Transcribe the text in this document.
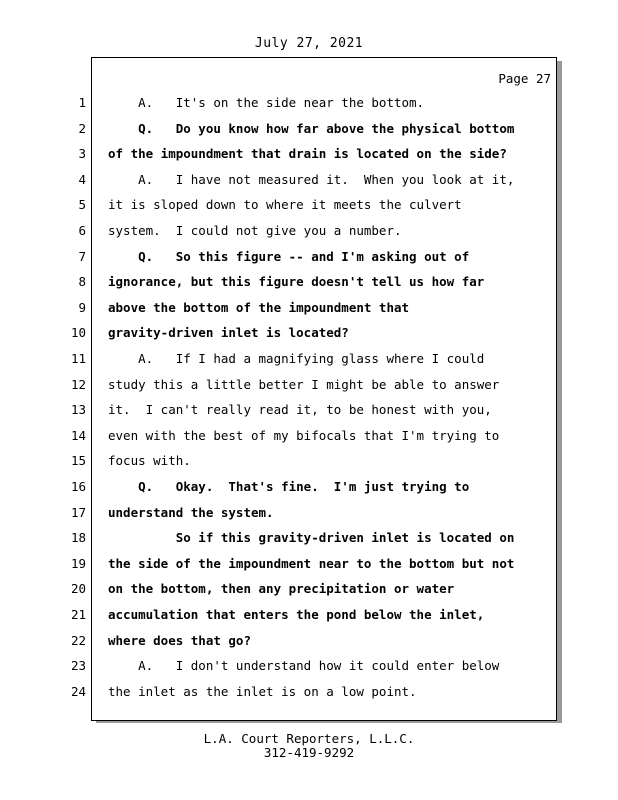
July 27, 2021
Page 27
1 A.   It's on the side near the bottom.
2 Q.   Do you know how far above the physical bottom
3 of the impoundment that drain is located on the side?
4 A.   I have not measured it.  When you look at it,
5 it is sloped down to where it meets the culvert
6 system.  I could not give you a number.
7 Q.   So this figure -- and I'm asking out of
8 ignorance, but this figure doesn't tell us how far
9 above the bottom of the impoundment that
10 gravity-driven inlet is located?
11 A.   If I had a magnifying glass where I could
12 study this a little better I might be able to answer
13 it.  I can't really read it, to be honest with you,
14 even with the best of my bifocals that I'm trying to
15 focus with.
16 Q.   Okay.  That's fine.  I'm just trying to
17 understand the system.
18 So if this gravity-driven inlet is located on
19 the side of the impoundment near to the bottom but not
20 on the bottom, then any precipitation or water
21 accumulation that enters the pond below the inlet,
22 where does that go?
23 A.   I don't understand how it could enter below
24 the inlet as the inlet is on a low point.
L.A. Court Reporters, L.L.C.
312-419-9292
